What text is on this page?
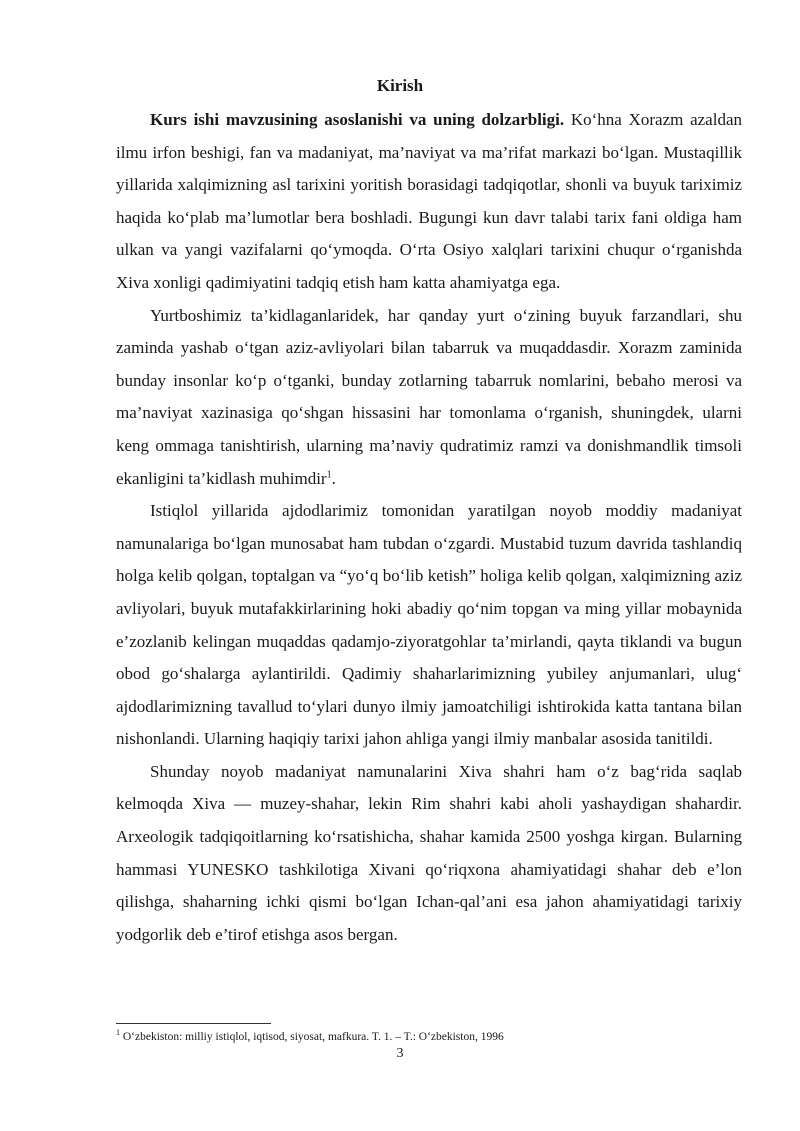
Kirish

Kurs ishi mavzusining asoslanishi va uning dolzarbligi. Ko‘hna Xorazm azaldan ilmu irfon beshigi, fan va madaniyat, ma’naviyat va ma’rifat markazi bo‘lgan. Mustaqillik yillarida xalqimizning asl tarixini yoritish borasidagi tadqiqotlar, shonli va buyuk tariximiz haqida ko‘plab ma’lumotlar bera boshladi. Bugungi kun davr talabi tarix fani oldiga ham ulkan va yangi vazifalarni qo‘ymoqda. O‘rta Osiyo xalqlari tarixini chuqur o‘rganishda Xiva xonligi qadimiyatini tadqiq etish ham katta ahamiyatga ega.

Yurtboshimiz ta’kidlaganlaridek, har qanday yurt o‘zining buyuk farzandlari, shu zaminda yashab o‘tgan aziz-avliyolari bilan tabarruk va muqaddasdir. Xorazm zaminida bunday insonlar ko‘p o‘tganki, bunday zotlarning tabarruk nomlarini, bebaho merosi va ma’naviyat xazinasiga qo‘shgan hissasini har tomonlama o‘rganish, shuningdek, ularni keng ommaga tanishtirish, ularning ma’naviy qudratimiz ramzi va donishmandlik timsoli ekanligini ta’kidlash muhimdir$^1$.

Istiqlol yillarida ajdodlarimiz tomonidan yaratilgan noyob moddiy madaniyat namunalariga bo‘lgan munosabat ham tubdan o‘zgardi. Mustabid tuzum davrida tashlandiq holga kelib qolgan, toptalgan va “yo‘q bo‘lib ketish” holiga kelib qolgan, xalqimizning aziz avliyolari, buyuk mutafakkirlarining hoki abadiy qo‘nim topgan va ming yillar mobaynida e’zozlanib kelingan muqaddas qadamjo-ziyoratgohlar ta’mirlandi, qayta tiklandi va bugun obod go‘shalarga aylantirildi. Qadimiy shaharlarimizning yubiley anjumanlari, ulug‘ ajdodlarimizning tavallud to‘ylari dunyo ilmiy jamoatchiligi ishtirokida katta tantana bilan nishonlandi. Ularning haqiqiy tarixi jahon ahliga yangi ilmiy manbalar asosida tanitildi.

Shunday noyob madaniyat namunalarini Xiva shahri ham o‘z bag‘rida saqlab kelmoqda Xiva — muzey-shahar, lekin Rim shahri kabi aholi yashaydigan shahardir. Arxeologik tadqiqoitlarning ko‘rsatishicha, shahar kamida 2500 yoshga kirgan. Bularning hammasi YUNESKO tashkilotiga Xivani qo‘riqxona ahamiyatidagi shahar deb e’lon qilishga, shaharning ichki qismi bo‘lgan Ichan-qal’ani esa jahon ahamiyatidagi tarixiy yodgorlik deb e’tirof etishga asos bergan.

$^1$ O‘zbekiston: milliy istiqlol, iqtisod, siyosat, mafkura. T. 1. – T.: O‘zbekiston, 1996
3
